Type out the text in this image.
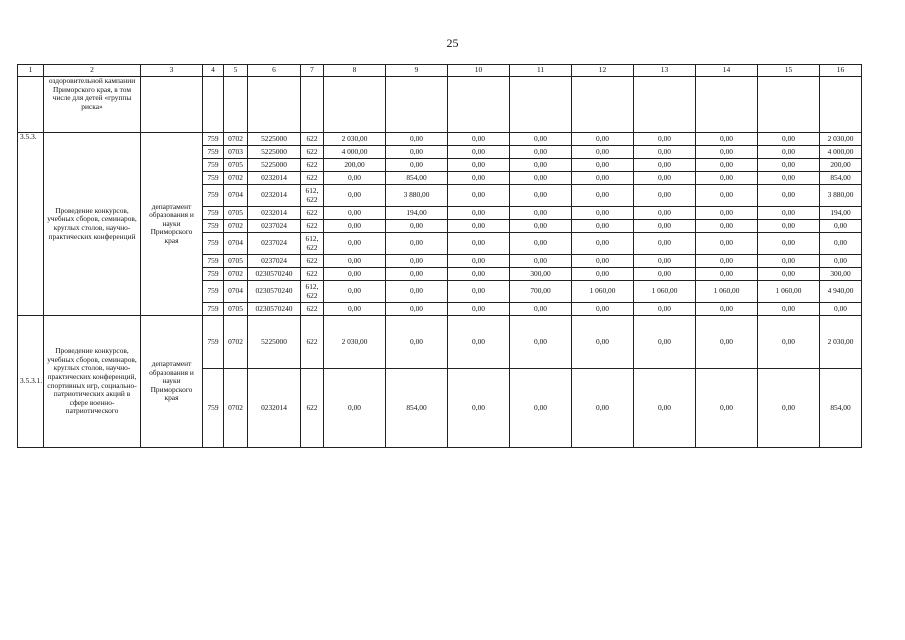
25
1	2	3	4	5	6	7	8	9	10	11	12	13	14	15	16
	оздоровительной кампании Приморского края, в том числе для детей «группы риска»														
3.5.3.	Проведение конкурсов, учебных сборов, семинаров, круглых столов, научно-практических конференций	департамент образования и науки Приморского края	759	0702	5225000	622	2 030,00	0,00	0,00	0,00	0,00	0,00	0,00	0,00	2 030,00
			759	0703	5225000	622	4 000,00	0,00	0,00	0,00	0,00	0,00	0,00	0,00	4 000,00
			759	0705	5225000	622	200,00	0,00	0,00	0,00	0,00	0,00	0,00	0,00	200,00
			759	0702	0232014	622	0,00	854,00	0,00	0,00	0,00	0,00	0,00	0,00	854,00
			759	0704	0232014	612, 622	0,00	3 880,00	0,00	0,00	0,00	0,00	0,00	0,00	3 880,00
			759	0705	0232014	622	0,00	194,00	0,00	0,00	0,00	0,00	0,00	0,00	194,00
			759	0702	0237024	622	0,00	0,00	0,00	0,00	0,00	0,00	0,00	0,00	0,00
			759	0704	0237024	612, 622	0,00	0,00	0,00	0,00	0,00	0,00	0,00	0,00	0,00
			759	0705	0237024	622	0,00	0,00	0,00	0,00	0,00	0,00	0,00	0,00	0,00
			759	0702	0230570240	622	0,00	0,00	0,00	300,00	0,00	0,00	0,00	0,00	300,00
			759	0704	0230570240	612, 622	0,00	0,00	0,00	700,00	1 060,00	1 060,00	1 060,00	1 060,00	4 940,00
			759	0705	0230570240	622	0,00	0,00	0,00	0,00	0,00	0,00	0,00	0,00	0,00
3.5.3.1.	Проведение конкурсов, учебных сборов, семинаров, круглых столов, научно-практических конференций, спортивных игр, социально-патриотических акций в сфере военно-патриотического	департамент образования и науки Приморского края	759	0702	5225000	622	2 030,00	0,00	0,00	0,00	0,00	0,00	0,00	0,00	2 030,00
			759	0702	0232014	622	0,00	854,00	0,00	0,00	0,00	0,00	0,00	0,00	854,00
